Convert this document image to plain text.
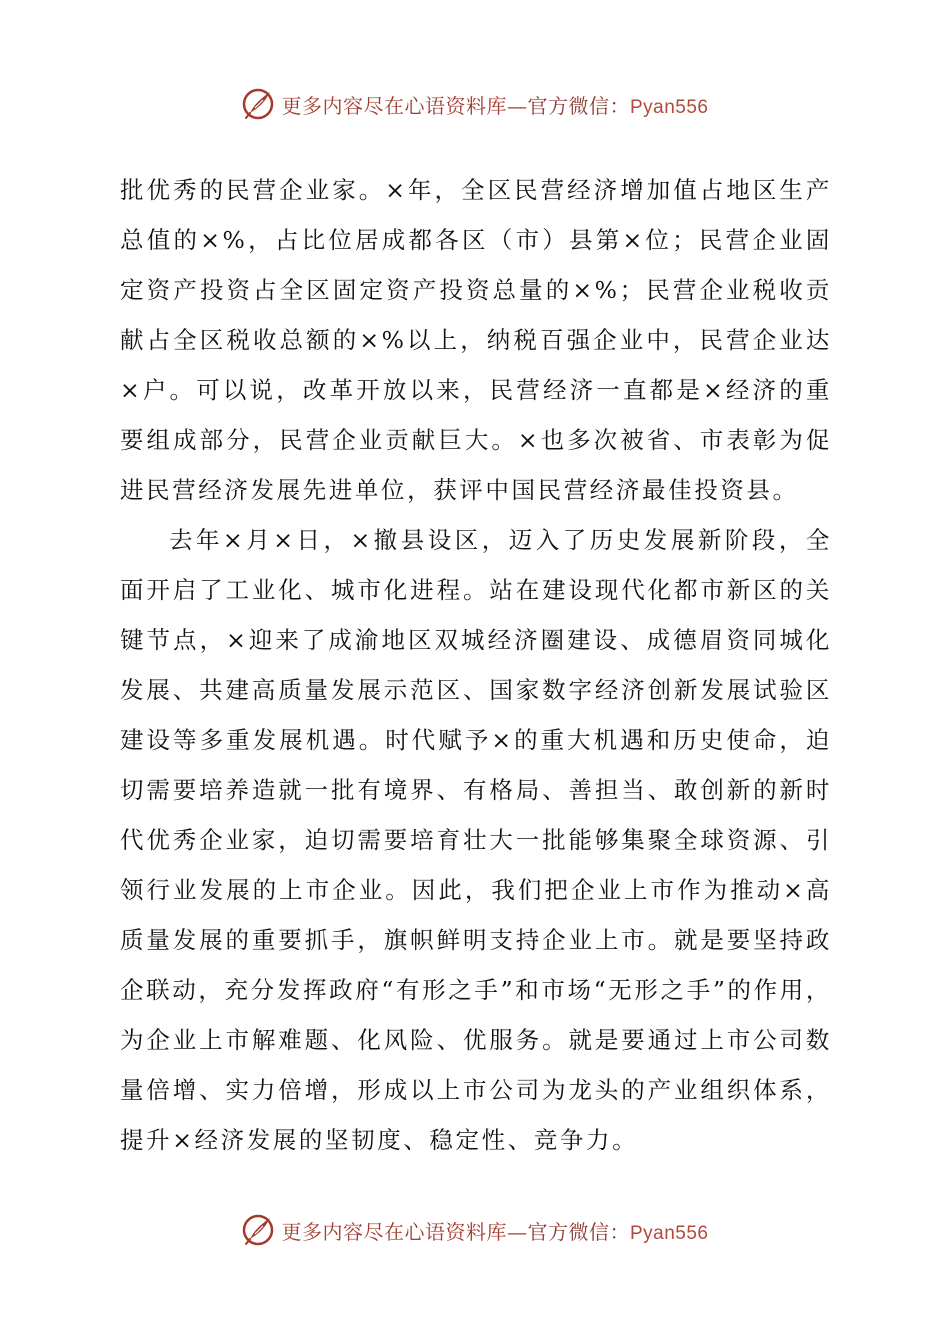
更多内容尽在心语资料库—官方微信：Pyan556

批优秀的民营企业家。×年，全区民营经济增加值占地区生产总值的×%，占比位居成都各区（市）县第×位；民营企业固定资产投资占全区固定资产投资总量的×%；民营企业税收贡献占全区税收总额的×%以上，纳税百强企业中，民营企业达×户。可以说，改革开放以来，民营经济一直都是×经济的重要组成部分，民营企业贡献巨大。×也多次被省、市表彰为促进民营经济发展先进单位，获评中国民营经济最佳投资县。

去年×月×日，×撤县设区，迈入了历史发展新阶段，全面开启了工业化、城市化进程。站在建设现代化都市新区的关键节点，×迎来了成渝地区双城经济圈建设、成德眉资同城化发展、共建高质量发展示范区、国家数字经济创新发展试验区建设等多重发展机遇。时代赋予×的重大机遇和历史使命，迫切需要培养造就一批有境界、有格局、善担当、敢创新的新时代优秀企业家，迫切需要培育壮大一批能够集聚全球资源、引领行业发展的上市企业。因此，我们把企业上市作为推动×高质量发展的重要抓手，旗帜鲜明支持企业上市。就是要坚持政企联动，充分发挥政府“有形之手”和市场“无形之手”的作用，为企业上市解难题、化风险、优服务。就是要通过上市公司数量倍增、实力倍增，形成以上市公司为龙头的产业组织体系，提升×经济发展的坚韧度、稳定性、竞争力。

更多内容尽在心语资料库—官方微信：Pyan556
